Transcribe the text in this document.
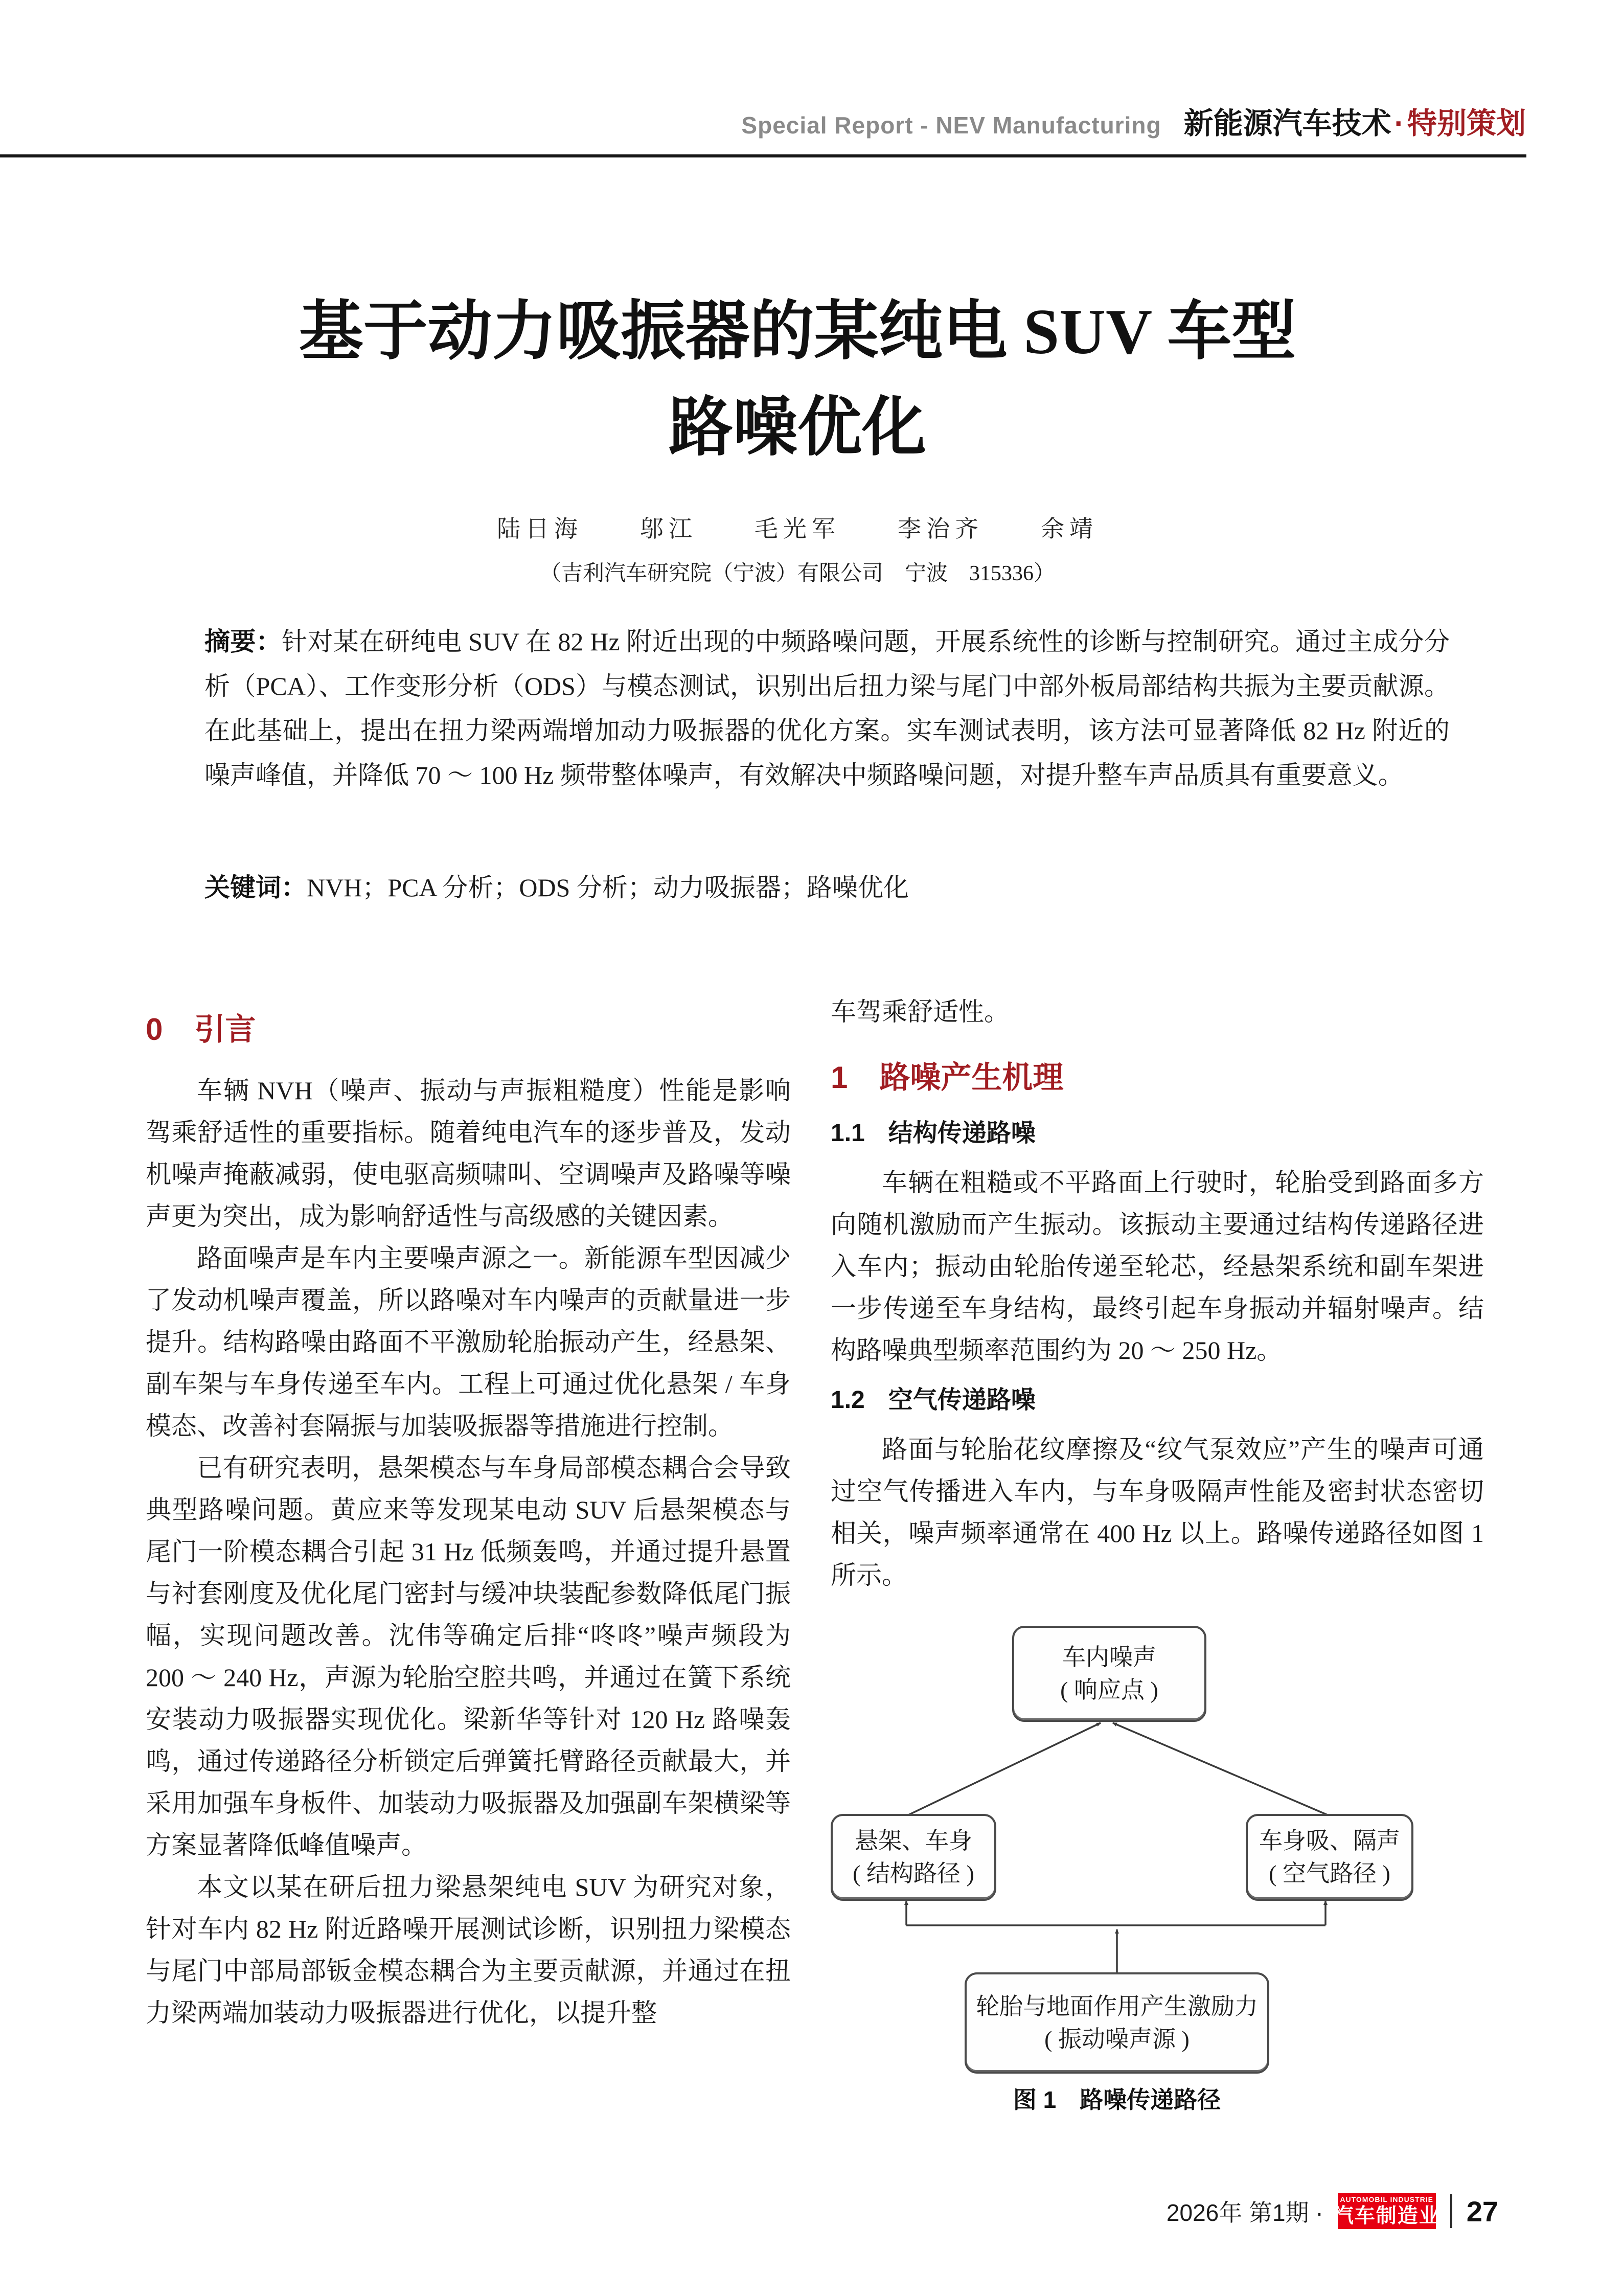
Special Report - NEV Manufacturing 新能源汽车技术 · 特别策划
基于动力吸振器的某纯电 SUV 车型
路噪优化
陆日海　　邬江　　毛光军　　李治齐　　余靖
（吉利汽车研究院（宁波）有限公司　宁波　315336）
摘要：针对某在研纯电 SUV 在 82 Hz 附近出现的中频路噪问题，开展系统性的诊断与控制研究。通过主成分分析（PCA）、工作变形分析（ODS）与模态测试，识别出后扭力梁与尾门中部外板局部结构共振为主要贡献源。在此基础上，提出在扭力梁两端增加动力吸振器的优化方案。实车测试表明，该方法可显著降低 82 Hz 附近的噪声峰值，并降低 70 ～ 100 Hz 频带整体噪声，有效解决中频路噪问题，对提升整车声品质具有重要意义。
关键词：NVH；PCA 分析；ODS 分析；动力吸振器；路噪优化
0 引言

车辆 NVH（噪声、振动与声振粗糙度）性能是影响驾乘舒适性的重要指标。随着纯电汽车的逐步普及，发动机噪声掩蔽减弱，使电驱高频啸叫、空调噪声及路噪等噪声更为突出，成为影响舒适性与高级感的关键因素。

路面噪声是车内主要噪声源之一。新能源车型因减少了发动机噪声覆盖，所以路噪对车内噪声的贡献量进一步提升。结构路噪由路面不平激励轮胎振动产生，经悬架、副车架与车身传递至车内。工程上可通过优化悬架 / 车身模态、改善衬套隔振与加装吸振器等措施进行控制。

已有研究表明，悬架模态与车身局部模态耦合会导致典型路噪问题。黄应来等发现某电动 SUV 后悬架模态与尾门一阶模态耦合引起 31 Hz 低频轰鸣，并通过提升悬置与衬套刚度及优化尾门密封与缓冲块装配参数降低尾门振幅，实现问题改善。沈伟等确定后排“咚咚”噪声频段为 200 ～ 240 Hz，声源为轮胎空腔共鸣，并通过在簧下系统安装动力吸振器实现优化。梁新华等针对 120 Hz 路噪轰鸣，通过传递路径分析锁定后弹簧托臂路径贡献最大，并采用加强车身板件、加装动力吸振器及加强副车架横梁等方案显著降低峰值噪声。

本文以某在研后扭力梁悬架纯电 SUV 为研究对象，针对车内 82 Hz 附近路噪开展测试诊断，识别扭力梁模态与尾门中部局部钣金模态耦合为主要贡献源，并通过在扭力梁两端加装动力吸振器进行优化，以提升整

车驾乘舒适性。

1 路噪产生机理
1.1 结构传递路噪

车辆在粗糙或不平路面上行驶时，轮胎受到路面多方向随机激励而产生振动。该振动主要通过结构传递路径进入车内；振动由轮胎传递至轮芯，经悬架系统和副车架进一步传递至车身结构，最终引起车身振动并辐射噪声。结构路噪典型频率范围约为 20 ～ 250 Hz。

1.2 空气传递路噪

路面与轮胎花纹摩擦及“纹气泵效应”产生的噪声可通过空气传播进入车内，与车身吸隔声性能及密封状态密切相关，噪声频率通常在 400 Hz 以上。路噪传递路径如图 1 所示。

车内噪声
( 响应点 )
悬架、车身
( 结构路径 )
车身吸、隔声
( 空气路径 )
轮胎与地面作用产生激励力
( 振动噪声源 )
图 1　路噪传递路径
2026年 第1期 ·
AUTOMOBIL INDUSTRIE
汽车制造业 27
